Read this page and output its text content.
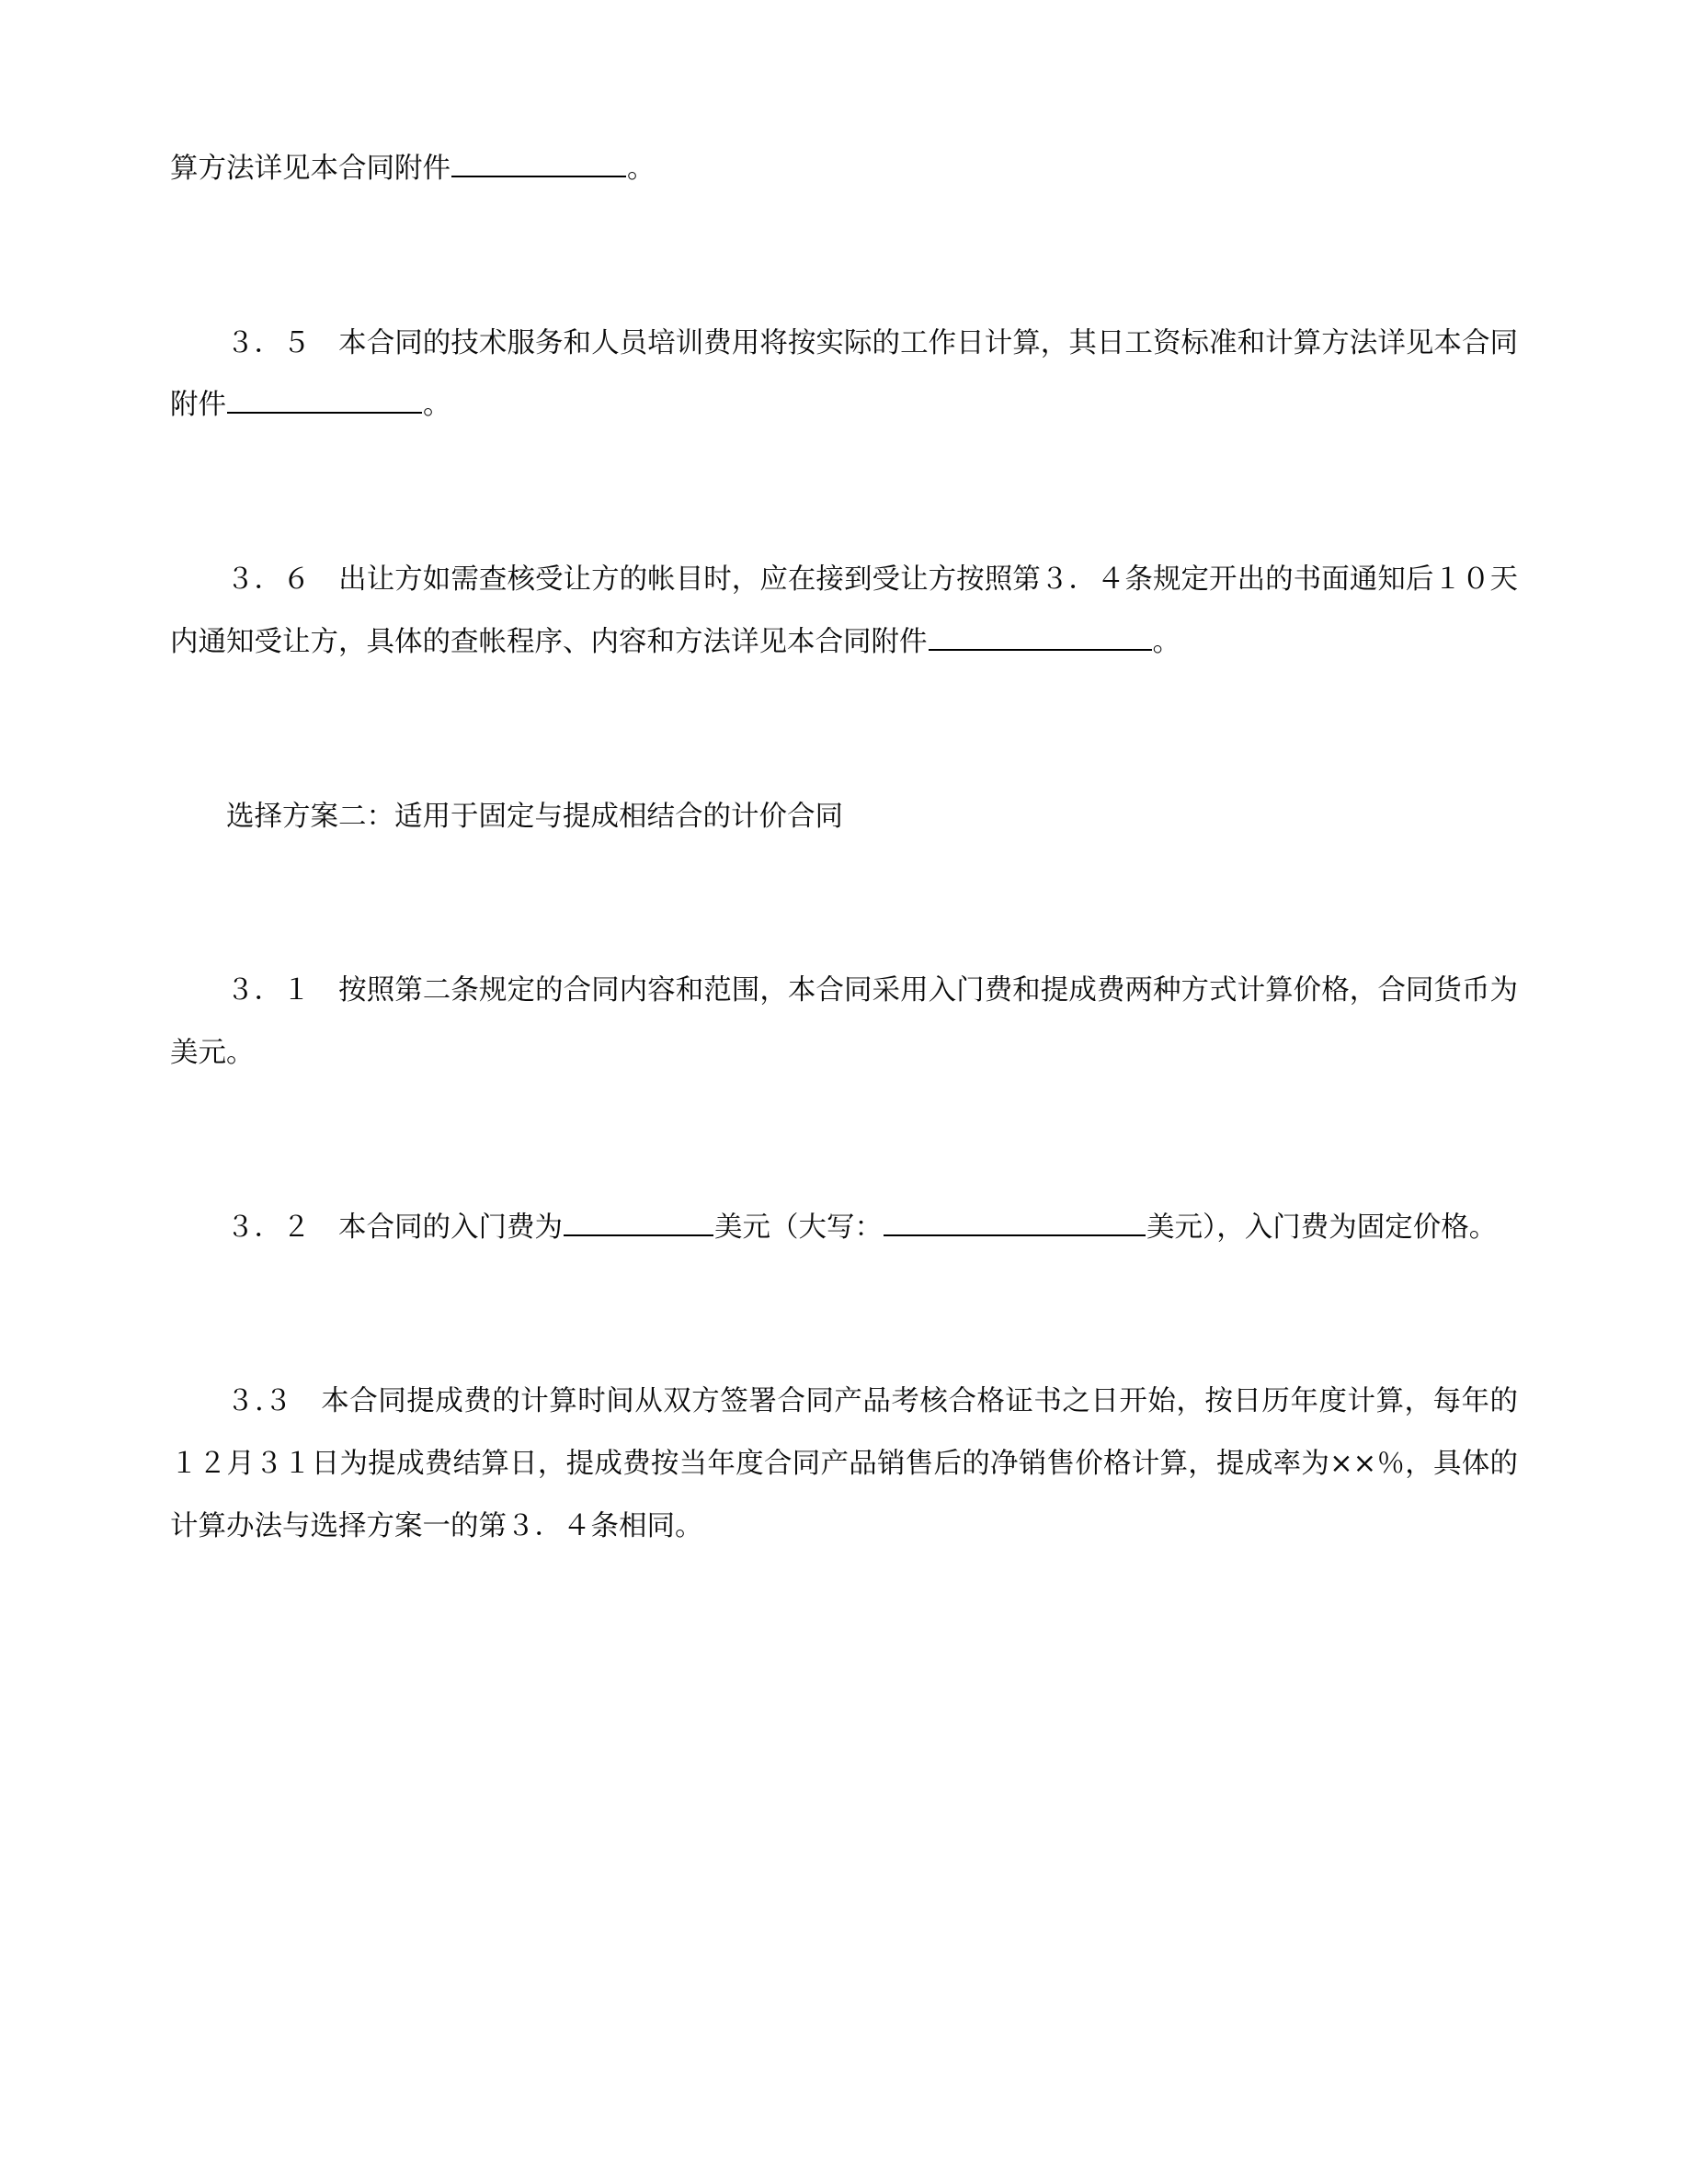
算方法详见本合同附件	。

３．５　本合同的技术服务和人员培训费用将按实际的工作日计算，其日工资标准和计算方法详见本合同附件	。

３．６　出让方如需查核受让方的帐目时，应在接到受让方按照第３．４条规定开出的书面通知后１０天内通知受让方，具体的查帐程序、内容和方法详见本合同附件	。

选择方案二：适用于固定与提成相结合的计价合同

３．１　按照第二条规定的合同内容和范围，本合同采用入门费和提成费两种方式计算价格，合同货币为美元。

３．２　本合同的入门费为	美元（大写：	美元），入门费为固定价格。

３.３　本合同提成费的计算时间从双方签署合同产品考核合格证书之日开始，按日历年度计算，每年的１２月３１日为提成费结算日，提成费按当年度合同产品销售后的净销售价格计算，提成率为××％，具体的计算办法与选择方案一的第３．４条相同。
